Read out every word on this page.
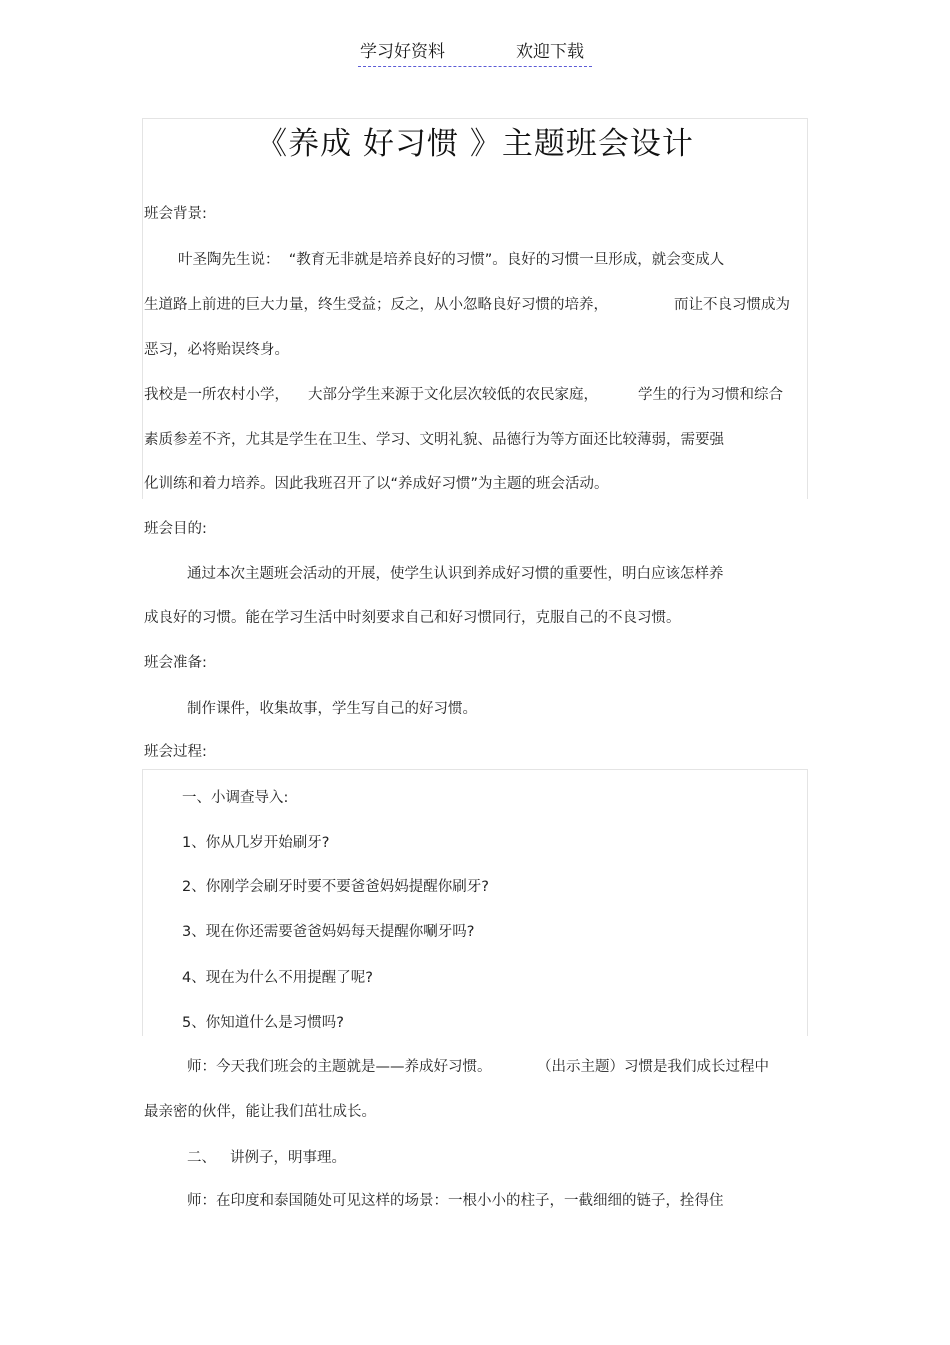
学习好资料	欢迎下载
《养成 好习惯 》主题班会设计
班会背景:
叶圣陶先生说：  “教育无非就是培养良好的习惯”。良好的习惯一旦形成，就会变成人
生道路上前进的巨大力量，终生受益；反之，从小忽略良好习惯的培养，	而让不良习惯成为
恶习，必将贻误终身。
我校是一所农村小学， 大部分学生来源于文化层次较低的农民家庭，	学生的行为习惯和综合
素质参差不齐，尤其是学生在卫生、学习、文明礼貌、品德行为等方面还比较薄弱，需要强
化训练和着力培养。因此我班召开了以“养成好习惯”为主题的班会活动。
班会目的:
通过本次主题班会活动的开展，使学生认识到养成好习惯的重要性，明白应该怎样养
成良好的习惯。能在学习生活中时刻要求自己和好习惯同行，克服自己的不良习惯。
班会准备:
制作课件，收集故事，学生写自己的好习惯。
班会过程:
一、小调查导入:
1、你从几岁开始刷牙?
2、你刚学会刷牙时要不要爸爸妈妈提醒你刷牙?
3、现在你还需要爸爸妈妈每天提醒你唰牙吗?
4、现在为什么不用提醒了呢?
5、你知道什么是习惯吗?
师：今天我们班会的主题就是——养成好习惯。	（出示主题）习惯是我们成长过程中
最亲密的伙伴，能让我们茁壮成长。
二、 讲例子，明事理。
师：在印度和泰国随处可见这样的场景：一根小小的柱子，一截细细的链子，拴得住
